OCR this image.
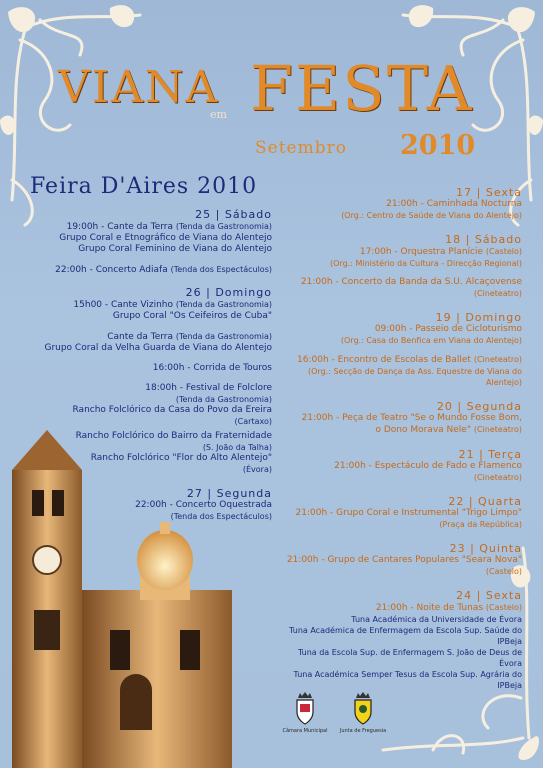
VIANA
em FESTA
Setembro 2010
Feira D'Aires 2010
25 | Sábado
19:00h - Cante da Terra (Tenda da Gastronomia)
Grupo Coral e Etnográfico de Viana do Alentejo
Grupo Coral Feminino de Viana do Alentejo
22:00h - Concerto Adiafa (Tenda dos Espectáculos)
26 | Domingo
15h00 - Cante Vizinho (Tenda da Gastronomia)
Grupo Coral "Os Ceifeiros de Cuba"
Cante da Terra (Tenda da Gastronomia)
Grupo Coral da Velha Guarda de Viana do Alentejo
16:00h - Corrida de Touros
18:00h - Festival de Folclore
(Tenda da Gastronomia)
Rancho Folclórico da Casa do Povo da Ereira
(Cartaxo)
Rancho Folclórico do Bairro da Fraternidade
(S. João da Talha)
Rancho Folclórico "Flor do Alto Alentejo"
(Évora)
27 | Segunda
22:00h - Concerto Oquestrada
(Tenda dos Espectáculos)
17 | Sexta
21:00h - Caminhada Nocturna
(Org.: Centro de Saúde de Viana do Alentejo)
18 | Sábado
17:00h - Orquestra Planície (Castelo)
(Org.: Ministério da Cultura - Direcção Regional)
21:00h - Concerto da Banda da S.U. Alcaçovense
(Cineteatro)
19 | Domingo
09:00h - Passeio de Cicloturismo
(Org.: Casa do Benfica em Viana do Alentejo)
16:00h - Encontro de Escolas de Ballet (Cineteatro)
(Org.: Secção de Dança da Ass. Equestre de Viana do Alentejo)
20 | Segunda
21:00h - Peça de Teatro "Se o Mundo Fosse Bom,
o Dono Morava Nele" (Cineteatro)
21 | Terça
21:00h - Espectáculo de Fado e Flamenco
(Cineteatro)
22 | Quarta
21:00h - Grupo Coral e Instrumental "Trigo Limpo"
(Praça da República)
23 | Quinta
21:00h - Grupo de Cantares Populares "Seara Nova"
(Castelo)
24 | Sexta
21:00h - Noite de Tunas (Castelo)
Tuna Académica da Universidade de Évora
Tuna Académica de Enfermagem da Escola Sup. Saúde do IPBeja
Tuna da Escola Sup. de Enfermagem S. João de Deus de Évora
Tuna Académica Semper Tesus da Escola Sup. Agrária do IPBeja
Câmara Municipal	Junta de Freguesia
